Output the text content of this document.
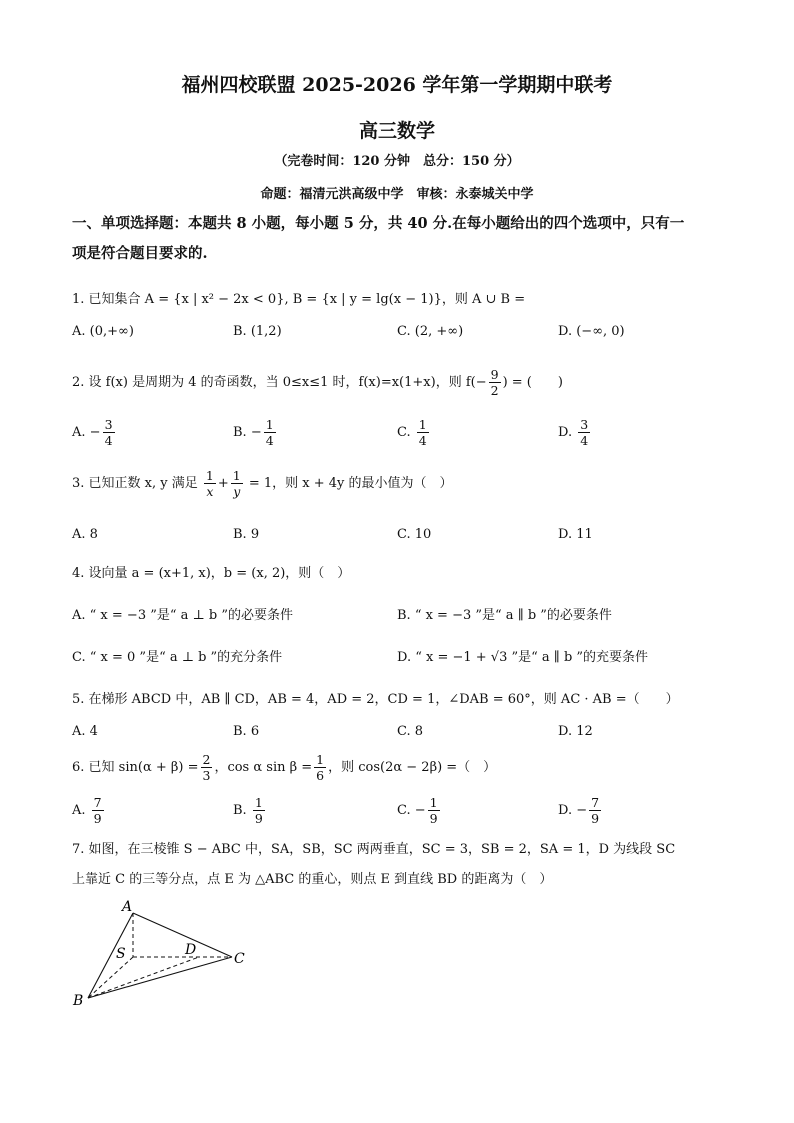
福州四校联盟 2025-2026 学年第一学期期中联考
高三数学
（完卷时间：120 分钟　总分：150 分）
命题：福清元洪高级中学　审核：永泰城关中学
一、单项选择题：本题共 8 小题，每小题 5 分，共 40 分.在每小题给出的四个选项中，只有一
项是符合题目要求的.
1. 已知集合 A = {x | x² − 2x < 0}, B = {x | y = lg(x − 1)}，则 A ∪ B =
A. (0,+∞)	B. (1,2)	C. (2, +∞)	D. (−∞, 0)
2. 设 f(x) 是周期为 4 的奇函数，当 0≤x≤1 时，f(x)=x(1+x)，则 $f(- \frac{9}{2}$ ) = (　　)
A. − $\frac{3}{4}$	B. − $\frac{1}{4}$	C. $\frac{1}{4}$	D. $\frac{3}{4}$
3. 已知正数 x, y 满足 $\frac{1}{x} + \frac{1}{y} = 1$，则 x + 4y 的最小值为（　）
A. 8	B. 9	C. 10	D. 11
4. 设向量 a = (x+1, x)，b = (x, 2)，则（　）
A. “ x = −3 ”是“ a ⊥ b ”的必要条件	B. “ x = −3 ”是“ a ∥ b ”的必要条件
C. “ x = 0 ”是“ a ⊥ b ”的充分条件	D. “ x = −1 + √3 ”是“ a ∥ b ”的充要条件
5. 在梯形 ABCD 中，AB ∥ CD，AB = 4，AD = 2，CD = 1，∠DAB = 60°，则 AC · AB =（　　）
A. 4	B. 6	C. 8	D. 12
6. 已知 $\sin(\alpha + \beta) = \frac{2}{3}$ ，cos α $\sin \beta = \frac{1}{6}$ ，则 cos(2α − 2β) =（　）
A. $\frac{7}{9}$	B. $\frac{1}{9}$	C. − $\frac{1}{9}$	D. − $\frac{7}{9}$
7. 如图，在三棱锥 S − ABC 中，SA，SB，SC 两两垂直，SC = 3，SB = 2，SA = 1，D 为线段 SC
上靠近 C 的三等分点，点 E 为 △ABC 的重心，则点 E 到直线 BD 的距离为（　）
A
S	D
C
B
